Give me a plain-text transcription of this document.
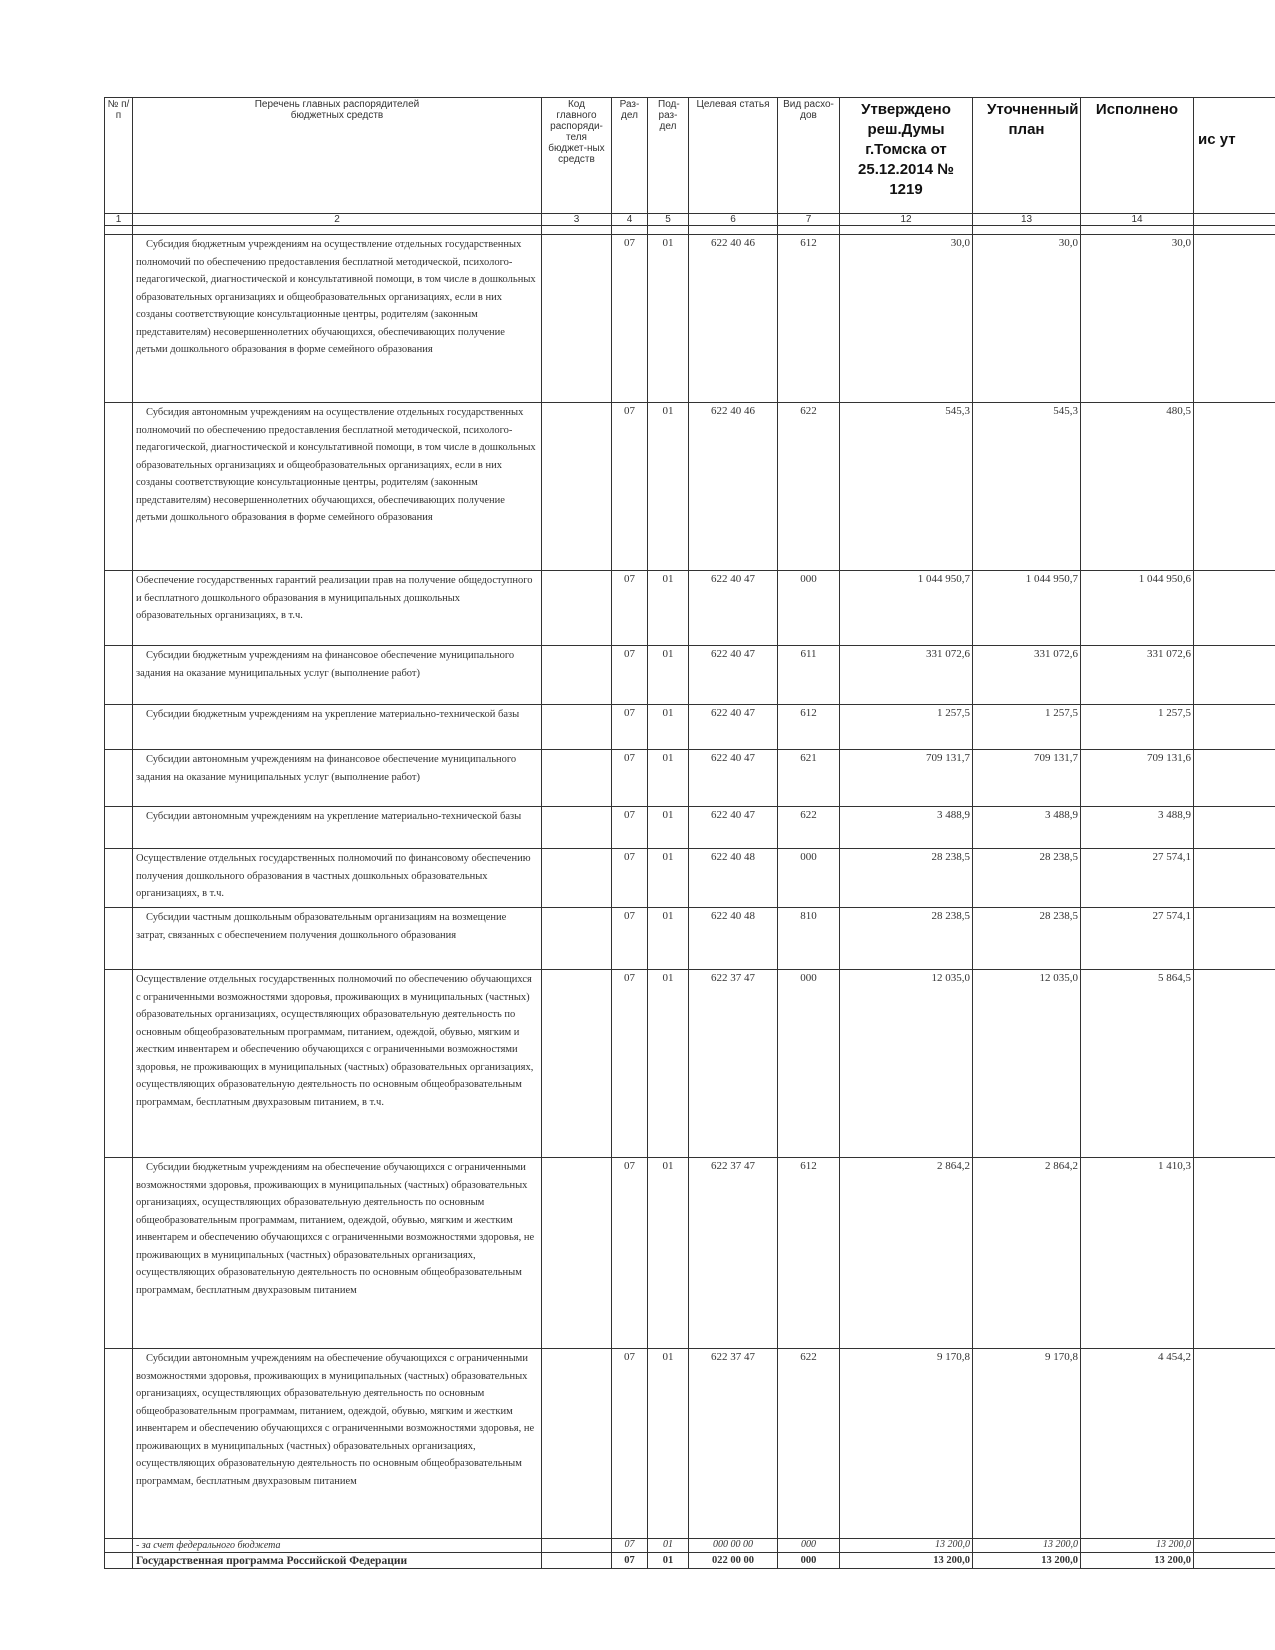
№ п/п	Перечень главных распорядителей бюджетных средств	Код главного распоряди-теля бюджет-ных средств	Раз-дел	Под-раз-дел	Целевая статья	Вид расхо-дов	Утверждено реш.Думы г.Томска от 25.12.2014 № 1219	Уточненный план	Исполнено	ис ут
1	2	3	4	5	6	7	12	13	14	

	Субсидия бюджетным учреждениям на осуществление отдельных государственных полномочий по обеспечению предоставления бесплатной методической, психолого-педагогической, диагностической и консультативной помощи, в том числе в дошкольных образовательных организациях и общеобразовательных организациях, если в них созданы соответствующие консультационные центры, родителям (законным представителям) несовершеннолетних обучающихся, обеспечивающих получение детьми дошкольного образования в форме семейного образования		07	01	622 40 46	612	30,0	30,0	30,0	
	Субсидия автономным учреждениям на осуществление отдельных государственных полномочий по обеспечению предоставления бесплатной методической, психолого-педагогической, диагностической и консультативной помощи, в том числе в дошкольных образовательных организациях и общеобразовательных организациях, если в них созданы соответствующие консультационные центры, родителям (законным представителям) несовершеннолетних обучающихся, обеспечивающих получение детьми дошкольного образования в форме семейного образования		07	01	622 40 46	622	545,3	545,3	480,5	
	Обеспечение государственных гарантий реализации прав на получение общедоступного и бесплатного дошкольного образования в муниципальных дошкольных образовательных организациях, в т.ч.		07	01	622 40 47	000	1 044 950,7	1 044 950,7	1 044 950,6	
	Субсидии бюджетным учреждениям на финансовое обеспечение муниципального задания на оказание муниципальных услуг (выполнение работ)		07	01	622 40 47	611	331 072,6	331 072,6	331 072,6	
	Субсидии бюджетным учреждениям на укрепление материально-технической базы		07	01	622 40 47	612	1 257,5	1 257,5	1 257,5	
	Субсидии автономным учреждениям на финансовое обеспечение муниципального задания на оказание муниципальных услуг (выполнение работ)		07	01	622 40 47	621	709 131,7	709 131,7	709 131,6	
	Субсидии автономным учреждениям на укрепление материально-технической базы		07	01	622 40 47	622	3 488,9	3 488,9	3 488,9	
	Осуществление отдельных государственных полномочий по финансовому обеспечению получения дошкольного образования в частных дошкольных образовательных организациях, в т.ч.		07	01	622 40 48	000	28 238,5	28 238,5	27 574,1	
	Субсидии частным дошкольным образовательным организациям на возмещение затрат, связанных с обеспечением получения дошкольного образования		07	01	622 40 48	810	28 238,5	28 238,5	27 574,1	
	Осуществление отдельных государственных полномочий по обеспечению обучающихся с ограниченными возможностями здоровья, проживающих в муниципальных (частных) образовательных организациях, осуществляющих образовательную деятельность по основным общеобразовательным программам, питанием, одеждой, обувью, мягким и жестким инвентарем и обеспечению обучающихся с ограниченными возможностями здоровья, не проживающих в муниципальных (частных) образовательных организациях, осуществляющих образовательную деятельность по основным общеобразовательным программам, бесплатным двухразовым питанием, в т.ч.		07	01	622 37 47	000	12 035,0	12 035,0	5 864,5	
	Субсидии бюджетным учреждениям на обеспечение обучающихся с ограниченными возможностями здоровья, проживающих в муниципальных (частных) образовательных организациях, осуществляющих образовательную деятельность по основным общеобразовательным программам, питанием, одеждой, обувью, мягким и жестким инвентарем и обеспечению обучающихся с ограниченными возможностями здоровья, не проживающих в муниципальных (частных) образовательных организациях, осуществляющих образовательную деятельность по основным общеобразовательным программам, бесплатным двухразовым питанием		07	01	622 37 47	612	2 864,2	2 864,2	1 410,3	
	Субсидии автономным учреждениям на обеспечение обучающихся с ограниченными возможностями здоровья, проживающих в муниципальных (частных) образовательных организациях, осуществляющих образовательную деятельность по основным общеобразовательным программам, питанием, одеждой, обувью, мягким и жестким инвентарем и обеспечению обучающихся с ограниченными возможностями здоровья, не проживающих в муниципальных (частных) образовательных организациях, осуществляющих образовательную деятельность по основным общеобразовательным программам, бесплатным двухразовым питанием		07	01	622 37 47	622	9 170,8	9 170,8	4 454,2	
	- за счет федерального бюджета		07	01	000 00 00	000	13 200,0	13 200,0	13 200,0	
	Государственная программа Российской Федерации		07	01	022 00 00	000	13 200,0	13 200,0	13 200,0	
